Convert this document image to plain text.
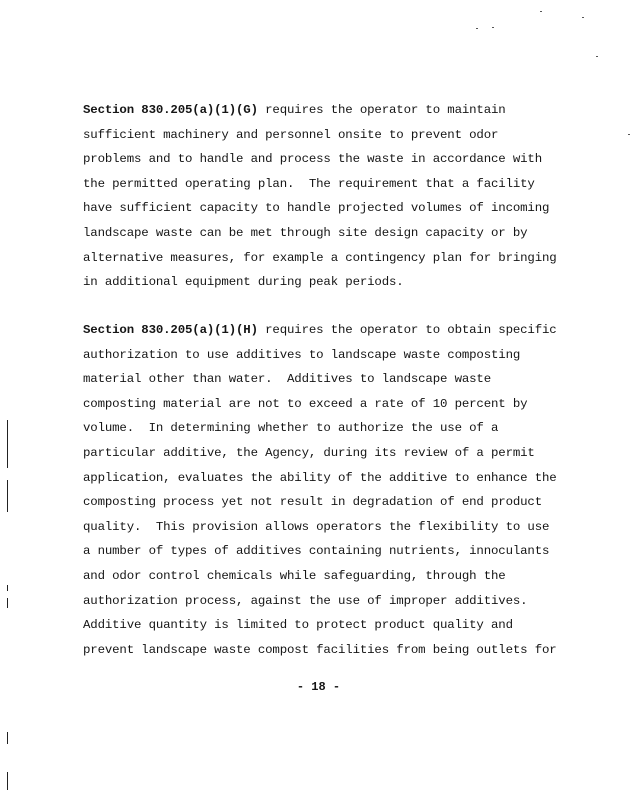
Section 830.205(a)(1)(G) requires the operator to maintain
sufficient machinery and personnel onsite to prevent odor
problems and to handle and process the waste in accordance with
the permitted operating plan.  The requirement that a facility
have sufficient capacity to handle projected volumes of incoming
landscape waste can be met through site design capacity or by
alternative measures, for example a contingency plan for bringing
in additional equipment during peak periods.
Section 830.205(a)(1)(H) requires the operator to obtain specific
authorization to use additives to landscape waste composting
material other than water.  Additives to landscape waste
composting material are not to exceed a rate of 10 percent by
volume.  In determining whether to authorize the use of a
particular additive, the Agency, during its review of a permit
application, evaluates the ability of the additive to enhance the
composting process yet not result in degradation of end product
quality.  This provision allows operators the flexibility to use
a number of types of additives containing nutrients, innoculants
and odor control chemicals while safeguarding, through the
authorization process, against the use of improper additives.
Additive quantity is limited to protect product quality and
prevent landscape waste compost facilities from being outlets for
- 18 -
